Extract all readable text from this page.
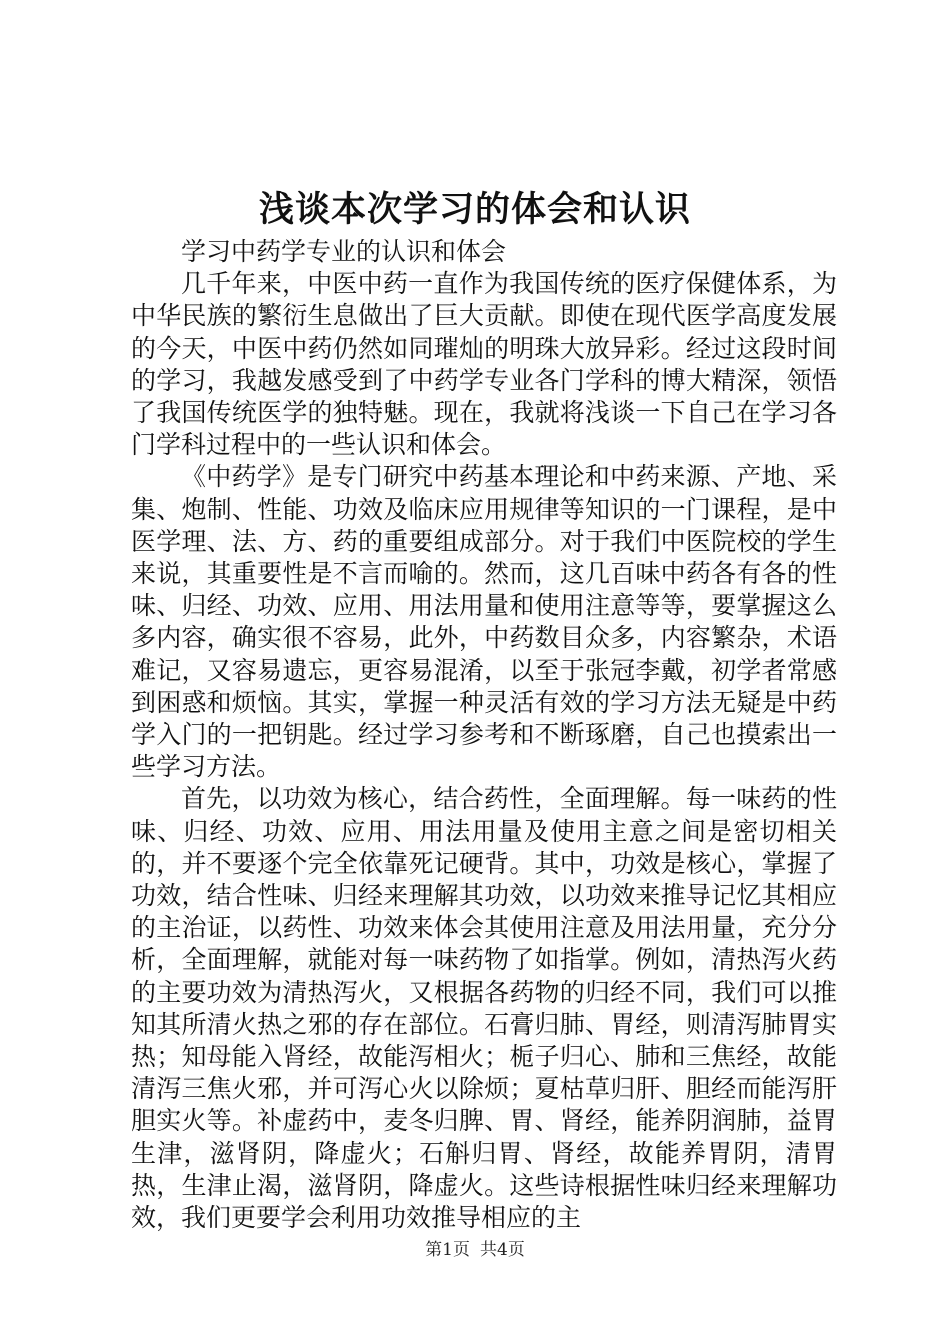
浅谈本次学习的体会和认识

学习中药学专业的认识和体会

几千年来，中医中药一直作为我国传统的医疗保健体系，为中华民族的繁衍生息做出了巨大贡献。即使在现代医学高度发展的今天，中医中药仍然如同璀灿的明珠大放异彩。经过这段时间的学习，我越发感受到了中药学专业各门学科的博大精深，领悟了我国传统医学的独特魅。现在，我就将浅谈一下自己在学习各门学科过程中的一些认识和体会。

《中药学》是专门研究中药基本理论和中药来源、产地、采集、炮制、性能、功效及临床应用规律等知识的一门课程，是中医学理、法、方、药的重要组成部分。对于我们中医院校的学生来说，其重要性是不言而喻的。然而，这几百味中药各有各的性味、归经、功效、应用、用法用量和使用注意等等，要掌握这么多内容，确实很不容易，此外，中药数目众多，内容繁杂，术语难记，又容易遗忘，更容易混淆，以至于张冠李戴，初学者常感到困惑和烦恼。其实，掌握一种灵活有效的学习方法无疑是中药学入门的一把钥匙。经过学习参考和不断琢磨，自己也摸索出一些学习方法。

首先，以功效为核心，结合药性，全面理解。每一味药的性味、归经、功效、应用、用法用量及使用主意之间是密切相关的，并不要逐个完全依靠死记硬背。其中，功效是核心，掌握了功效，结合性味、归经来理解其功效，以功效来推导记忆其相应的主治证，以药性、功效来体会其使用注意及用法用量，充分分析，全面理解，就能对每一味药物了如指掌。例如，清热泻火药的主要功效为清热泻火，又根据各药物的归经不同，我们可以推知其所清火热之邪的存在部位。石膏归肺、胃经，则清泻肺胃实热；知母能入肾经，故能泻相火；栀子归心、肺和三焦经，故能清泻三焦火邪，并可泻心火以除烦；夏枯草归肝、胆经而能泻肝胆实火等。补虚药中，麦冬归脾、胃、肾经，能养阴润肺，益胃生津，滋肾阴，降虚火；石斛归胃、肾经，故能养胃阴，清胃热，生津止渴，滋肾阴，降虚火。这些诗根据性味归经来理解功效，我们更要学会利用功效推导相应的主

第1页 共4页
